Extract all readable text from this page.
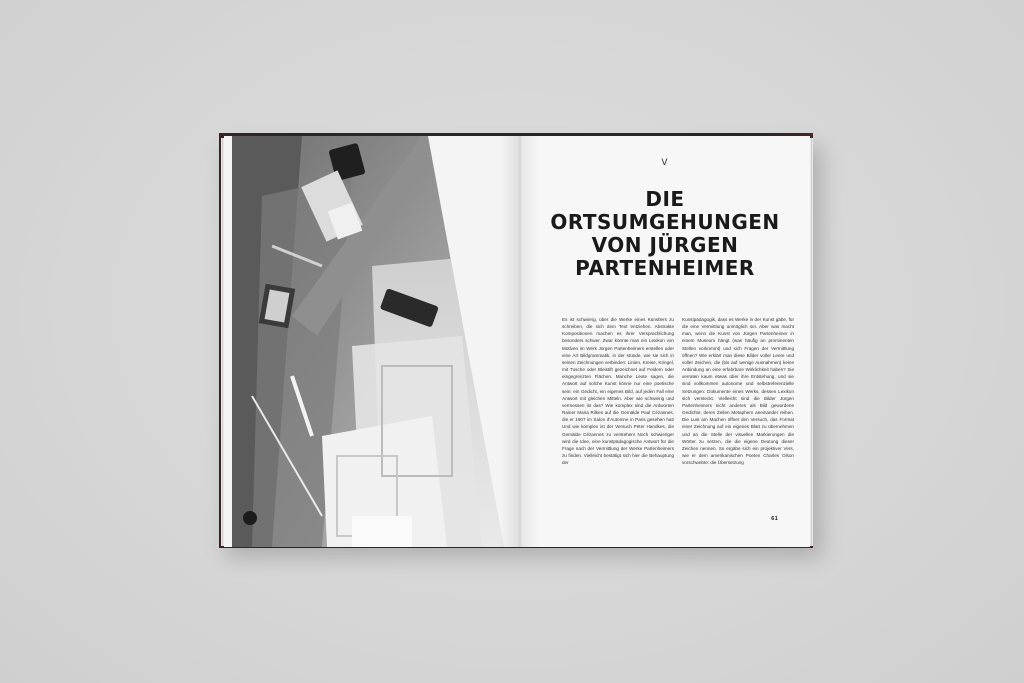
V
DIE
ORTSUMGEHUNGEN
VON JÜRGEN
PARTENHEIMER

Es ist schwierig, über die Werke eines Künstlers zu schreiben, die sich dem Text entziehen. Abstrakte Kompositionen machen es ihrer Versprachlichung besonders schwer. Zwar könnte man ein Lexikon von Motiven im Werk Jürgen Partenheimers erstellen oder eine Art Bildgrammatik, in der stünde, wie sie sich in seinen Zeichnungen verbinden: Linien, Kreise, Kringel, mit Tusche oder Bleistift gezeichnet auf Feldern oder eingegrenzten Flächen. Manche Leute sagen, die Antwort auf solche Kunst könne nur eine poetische sein: ein Gedicht, ein eigenes Bild, auf jeden Fall eine Antwort mit gleichen Mitteln. Aber wie schwierig und vermessen ist das? Wie komplex sind die Antworten Rainer Maria Rilkes auf die Gemälde Paul Cézannes, die er 1907 im Salon d'Automne in Paris gesehen hat! Und wie komplex ist der Versuch Peter Handkes, die Gemälde Cézannes zu verstehen! Noch schwieriger wird die Idee, eine kunstpädagogische Antwort für die Frage nach der Vermittlung der Werke Partenheimers zu finden. Vielleicht bestätigt sich hier die Behauptung der

Kunstpädagogik, dass es Werke in der Kunst gäbe, für die eine Vermittlung unmöglich sei. Aber was macht man, wenn die Kunst von Jürgen Partenheimer in einem Museum hängt (was häufig an prominenten Stellen vorkommt) und sich Fragen der Vermittlung öffnen? Wie erklärt man diese Bilder voller Leere und voller Zeichen, die (bis auf wenige Ausnahmen) keine Anbindung an eine erfahrbare Wirklichkeit haben? Sie verraten kaum etwas über ihre Entstehung, und sie sind vollkommen autonome und selbstreferenzielle Setzungen: Dokumente eines Werks, dessen Lexikon sich versteckt. Vielleicht sind die Bilder Jürgen Partenheimers nicht anderes als Bild gewordene Gedichte, deren Zeilen Metaphern aneinander reihen. Die Lust am Machen öffnet den Versuch, das Format einer Zeichnung auf ein eigenes Blatt zu übernehmen und an die Stelle der visuellen Markierungen die Wörter zu setzen, die die eigene Deutung dieser Zeichen nennen. So ergäbe sich ein projektiver Vers, wie er dem amerikanischen Poeten Charles Olson vorschwebte: die Übersetzung

61
